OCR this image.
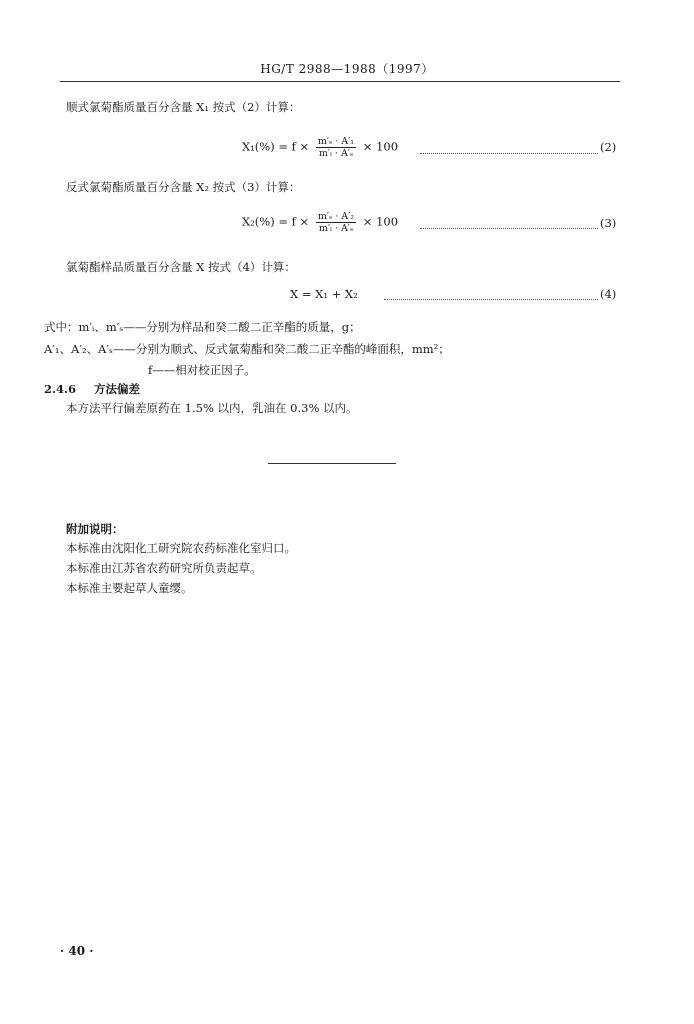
HG/T 2988—1988（1997）
顺式氯菊酯质量百分含量 X₁ 按式（2）计算：
$X_1(\%) = f \times \frac{\text{m′ₛ · A′₁}}{\text{m′ᵢ · A′ₛ}} \times 100$	(2)
反式氯菊酯质量百分含量 X₂ 按式（3）计算：
$X_2(\%) = f \times \frac{\text{m′ₛ · A′₂}}{\text{m′ᵢ · A′ₛ}} \times 100$	(3)
氯菊酯样品质量百分含量 X 按式（4）计算：
X = X₁ + X₂	(4)
式中：m′ᵢ、m′ₛ——分别为样品和癸二酸二正辛酯的质量，g；
A′₁、A′₂、A′ₛ——分别为顺式、反式氯菊酯和癸二酸二正辛酯的峰面积，mm²；
f——相对校正因子。
2.4.6 方法偏差
本方法平行偏差原药在 1.5% 以内，乳油在 0.3% 以内。
附加说明：
本标准由沈阳化工研究院农药标准化室归口。
本标准由江苏省农药研究所负责起草。
本标准主要起草人童缨。
· 40 ·
